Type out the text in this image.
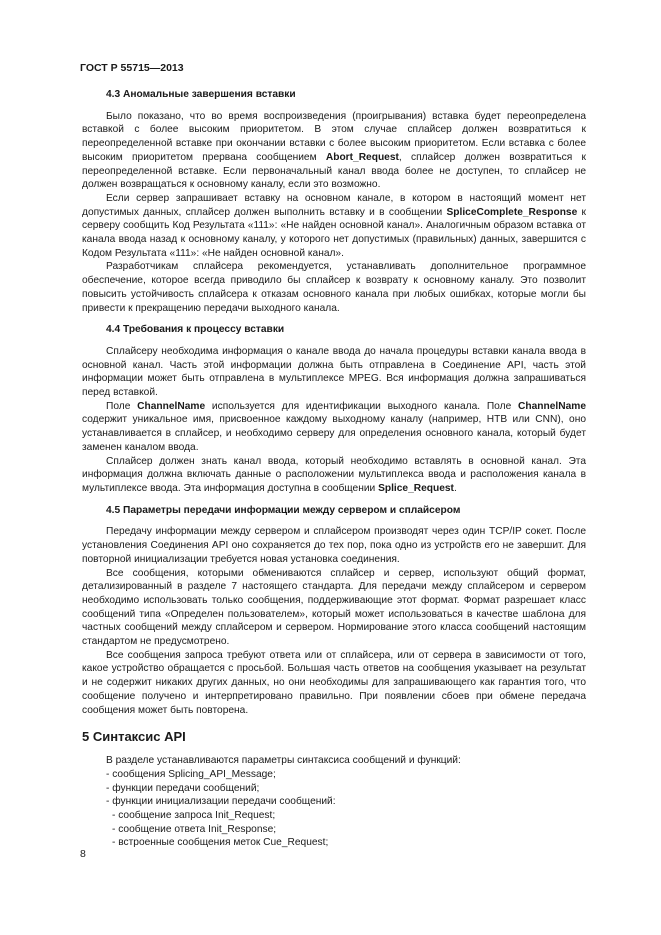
ГОСТ Р 55715—2013
4.3 Аномальные завершения вставки

Было показано, что во время воспроизведения (проигрывания) вставка будет переопределена вставкой с более высоким приоритетом. В этом случае сплайсер должен возвратиться к переопределенной вставке при окончании вставки с более высоким приоритетом. Если вставка с более высоким приоритетом прервана сообщением Abort_Request, сплайсер должен возвратиться к переопределенной вставке. Если первоначальный канал ввода более не доступен, то сплайсер не должен возвращаться к основному каналу, если это возможно.

Если сервер запрашивает вставку на основном канале, в котором в настоящий момент нет допустимых данных, сплайсер должен выполнить вставку и в сообщении SpliceComplete_Response к серверу сообщить Код Результата «111»: «Не найден основной канал». Аналогичным образом вставка от канала ввода назад к основному каналу, у которого нет допустимых (правильных) данных, завершится с Кодом Результата «111»: «Не найден основной канал».

Разработчикам сплайсера рекомендуется, устанавливать дополнительное программное обеспечение, которое всегда приводило бы сплайсер к возврату к основному каналу. Это позволит повысить устойчивость сплайсера к отказам основного канала при любых ошибках, которые могли бы привести к прекращению передачи выходного канала.

4.4 Требования к процессу вставки

Сплайсеру необходима информация о канале ввода до начала процедуры вставки канала ввода в основной канал. Часть этой информации должна быть отправлена в Соединение API, часть этой информации может быть отправлена в мультиплексе MPEG. Вся информация должна запрашиваться перед вставкой.

Поле ChannelName используется для идентификации выходного канала. Поле ChannelName содержит уникальное имя, присвоенное каждому выходному каналу (например, НТВ или CNN), оно устанавливается в сплайсер, и необходимо серверу для определения основного канала, который будет заменен каналом ввода.

Сплайсер должен знать канал ввода, который необходимо вставлять в основной канал. Эта информация должна включать данные о расположении мультиплекса ввода и расположения канала в мультиплексе ввода. Эта информация доступна в сообщении Splice_Request.

4.5 Параметры передачи информации между сервером и сплайсером

Передачу информации между сервером и сплайсером производят через один TCP/IP сокет. После установления Соединения API оно сохраняется до тех пор, пока одно из устройств его не завершит. Для повторной инициализации требуется новая установка соединения.

Все сообщения, которыми обмениваются сплайсер и сервер, используют общий формат, детализированный в разделе 7 настоящего стандарта. Для передачи между сплайсером и сервером необходимо использовать только сообщения, поддерживающие этот формат. Формат разрешает класс сообщений типа «Определен пользователем», который может использоваться в качестве шаблона для частных сообщений между сплайсером и сервером. Нормирование этого класса сообщений настоящим стандартом не предусмотрено.

Все сообщения запроса требуют ответа или от сплайсера, или от сервера в зависимости от того, какое устройство обращается с просьбой. Большая часть ответов на сообщения указывает на результат и не содержит никаких других данных, но они необходимы для запрашивающего как гарантия того, что сообщение получено и интерпретировано правильно. При появлении сбоев при обмене передача сообщения может быть повторена.

5 Синтаксис API

В разделе устанавливаются параметры синтаксиса сообщений и функций:

- сообщения Splicing_API_Message;

- функции передачи сообщений;

- функции инициализации передачи сообщений:

- сообщение запроса Init_Request;

- сообщение ответа Init_Response;

- встроенные сообщения меток Cue_Request;

8
